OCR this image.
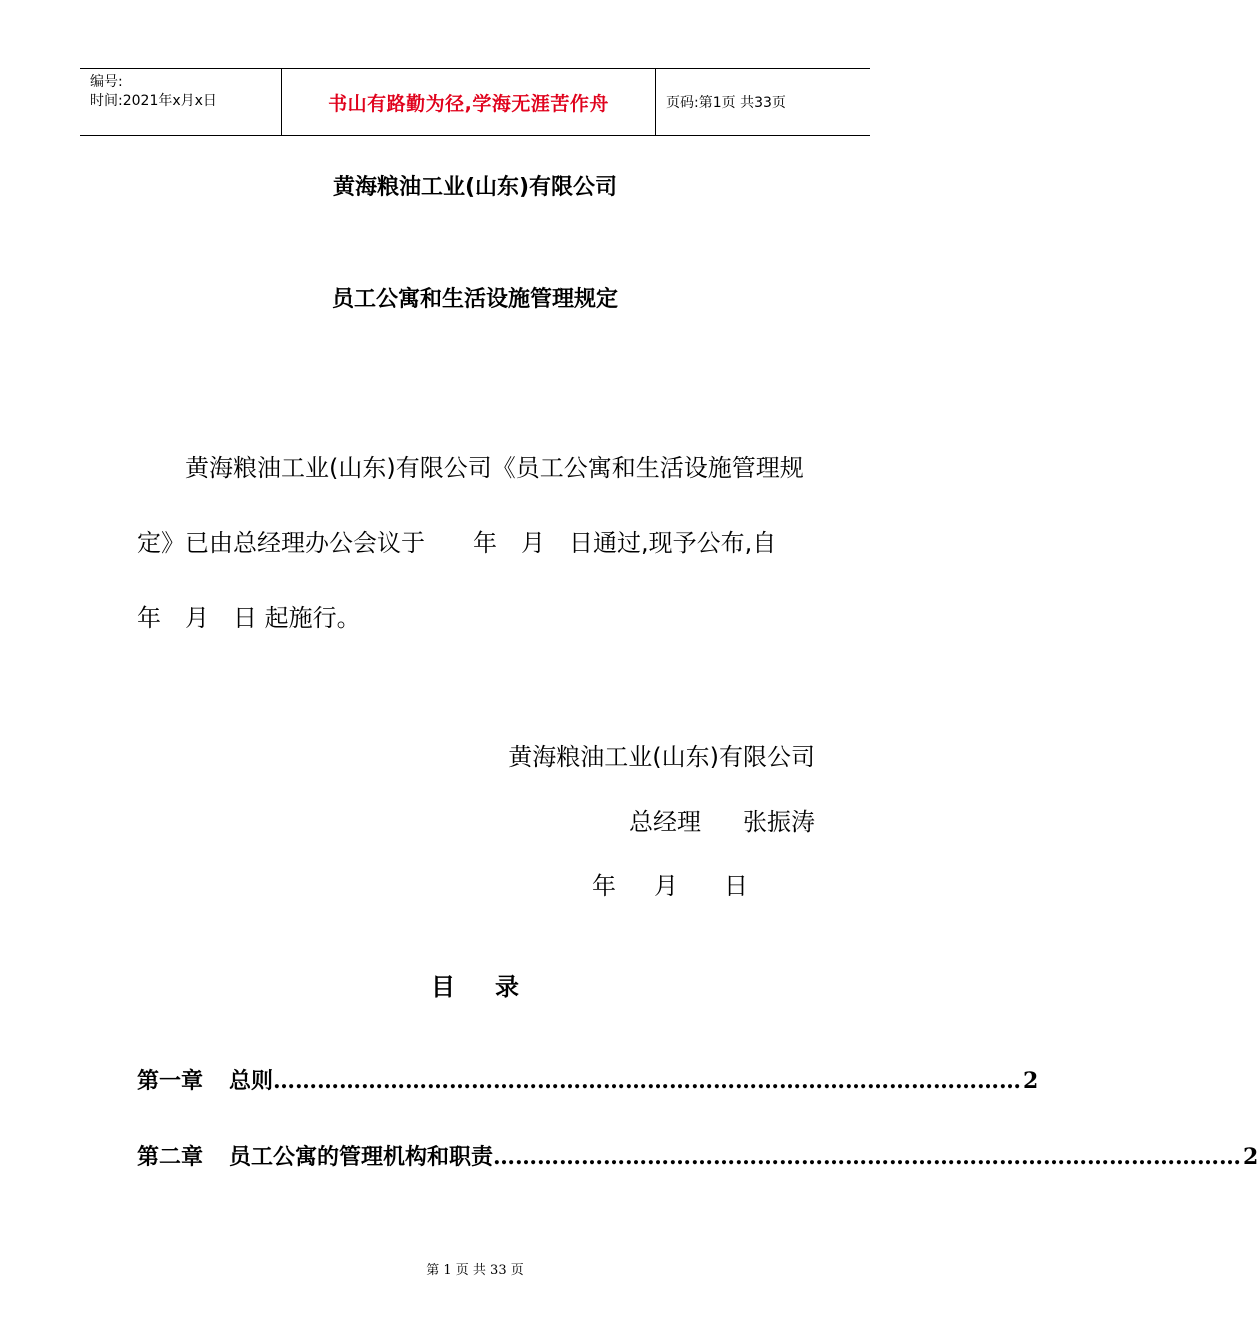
编号:
时间:2021年x月x日	书山有路勤为径,学海无涯苦作舟	页码:第1页 共33页
黄海粮油工业(山东)有限公司
员工公寓和生活设施管理规定

黄海粮油工业(山东)有限公司《员工公寓和生活设施管理规定》已由总经理办公会议于　　年　月　日通过,现予公布,自　　年　月　日 起施行。

黄海粮油工业(山东)有限公司
总经理 张振涛
年 月 日
目 录
第一章 总则 ………………………………………………………………………………………… 2
第二章 员工公寓的管理机构和职责 ………………………………………………………………………………………… 2
第 1 页 共 33 页
